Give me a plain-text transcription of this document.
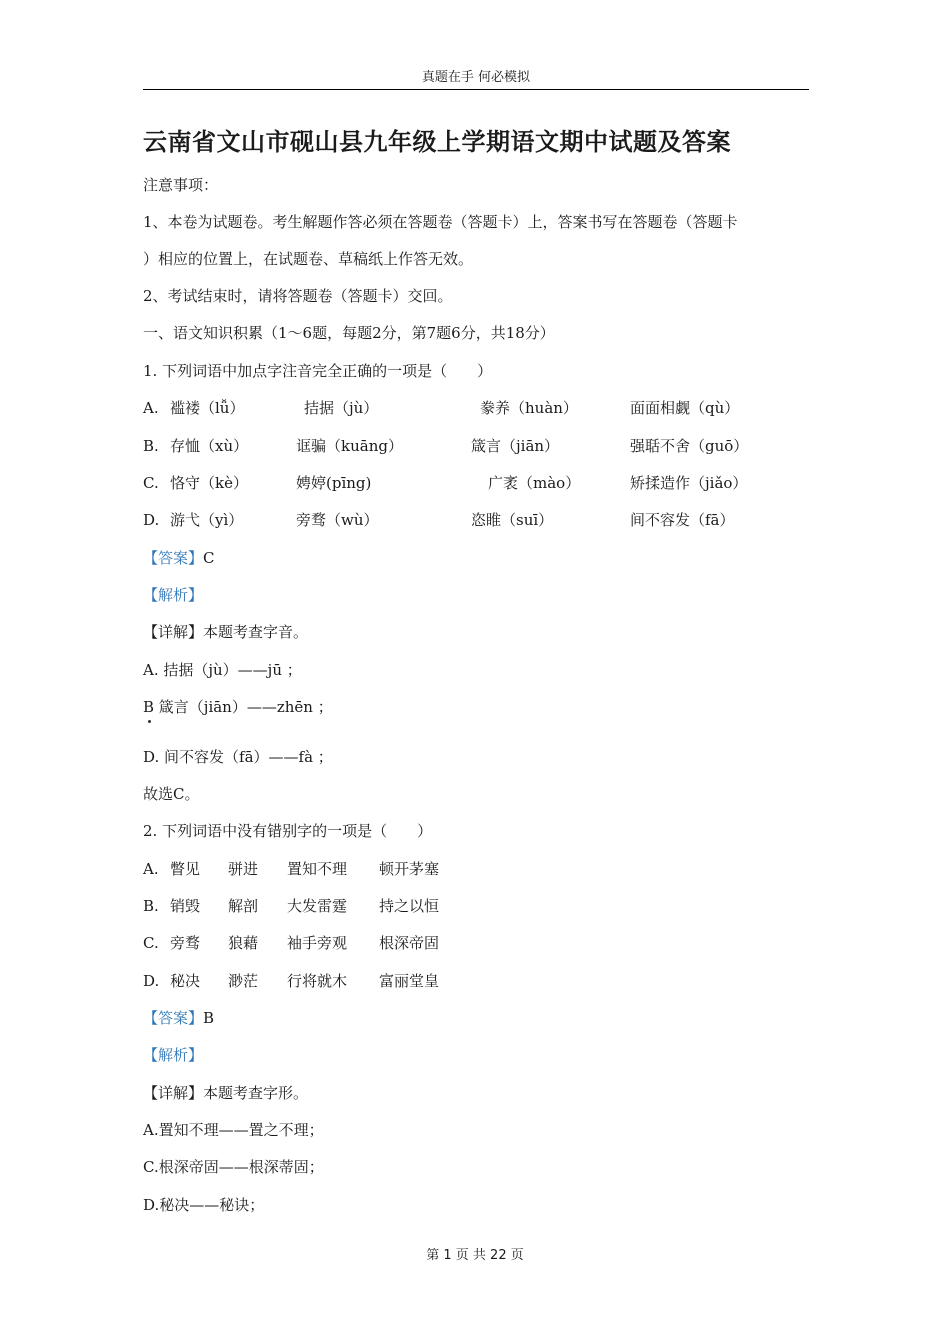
真题在手 何必模拟
云南省文山市砚山县九年级上学期语文期中试题及答案
注意事项：
1、本卷为试题卷。考生解题作答必须在答题卷（答题卡）上，答案书写在答题卷（答题卡
）相应的位置上，在试题卷、草稿纸上作答无效。
2、考试结束时，请将答题卷（答题卡）交回。
一、语文知识积累（1～6题，每题2分，第7题6分，共18分）
1. 下列词语中加点字注音完全正确的一项是（　　）
A. 褴褛（lǚ）	拮据（jù）	豢养（huàn）	面面相觑（qù）
B. 存恤（xù）	诓骗（kuāng）	箴言（jiān）	强聒不舍（guō）
C. 恪守（kè）	娉婷(pīng)	广袤（mào）	矫揉造作（jiǎo）
D. 游弋（yì）	旁骛（wù）	恣睢（suī）	间不容发（fā）
【答案】C
【解析】
【详解】本题考查字音。
A. 拮据（jù）——jū ；
B 箴言（jiān）——zhēn ；
D. 间不容发（fā）——fà ；
故选C。
2. 下列词语中没有错别字的一项是（　　）
A. 瞥见 骈进 置知不理 顿开茅塞
B. 销毁 解剖 大发雷霆 持之以恒
C. 旁骛 狼藉 袖手旁观 根深帝固
D. 秘决 渺茫 行将就木 富丽堂皇
【答案】B
【解析】
【详解】本题考查字形。
A.置知不理——置之不理；
C.根深帝固——根深蒂固；
D.秘决——秘诀；
第 1 页 共 22 页
